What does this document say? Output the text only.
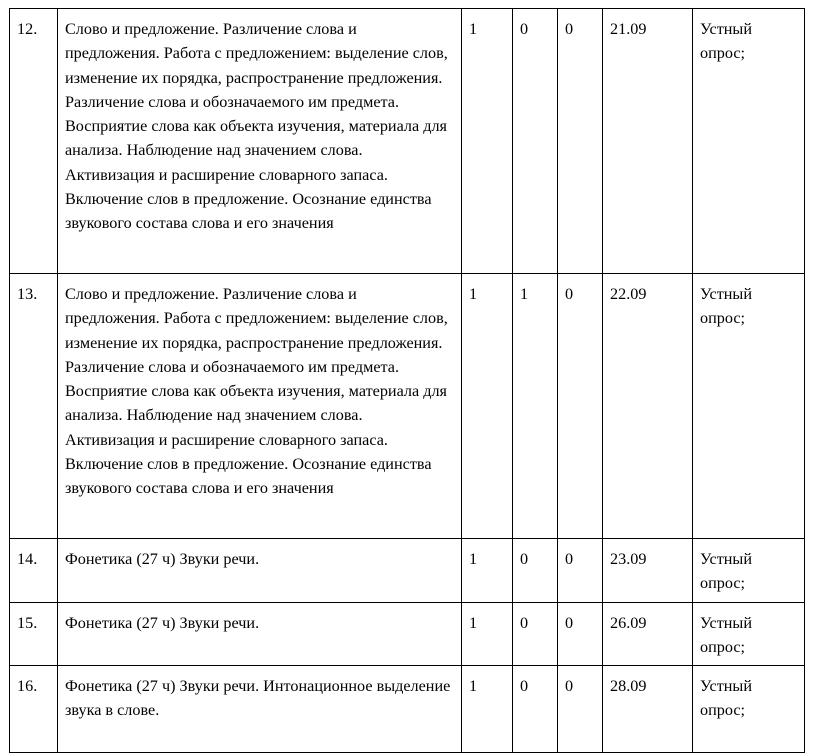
12.	Слово и предложение. Различение слова и предложения. Работа с предложением: выделение слов, изменение их порядка, распространение предложения. Различение слова и обозначаемого им предмета. Восприятие слова как объекта изучения, материала для анализа. Наблюдение над значением слова. Активизация и расширение словарного запаса. Включение слов в предложение. Осознание единства звукового состава слова и его значения	1	0	0	21.09	Устный опрос;
13.	Слово и предложение. Различение слова и предложения. Работа с предложением: выделение слов, изменение их порядка, распространение предложения. Различение слова и обозначаемого им предмета. Восприятие слова как объекта изучения, материала для анализа. Наблюдение над значением слова. Активизация и расширение словарного запаса. Включение слов в предложение. Осознание единства звукового состава слова и его значения	1	1	0	22.09	Устный опрос;
14.	Фонетика (27 ч) Звуки речи.	1	0	0	23.09	Устный опрос;
15.	Фонетика (27 ч) Звуки речи.	1	0	0	26.09	Устный опрос;
16.	Фонетика (27 ч) Звуки речи. Интонационное выделение звука в слове.	1	0	0	28.09	Устный опрос;
